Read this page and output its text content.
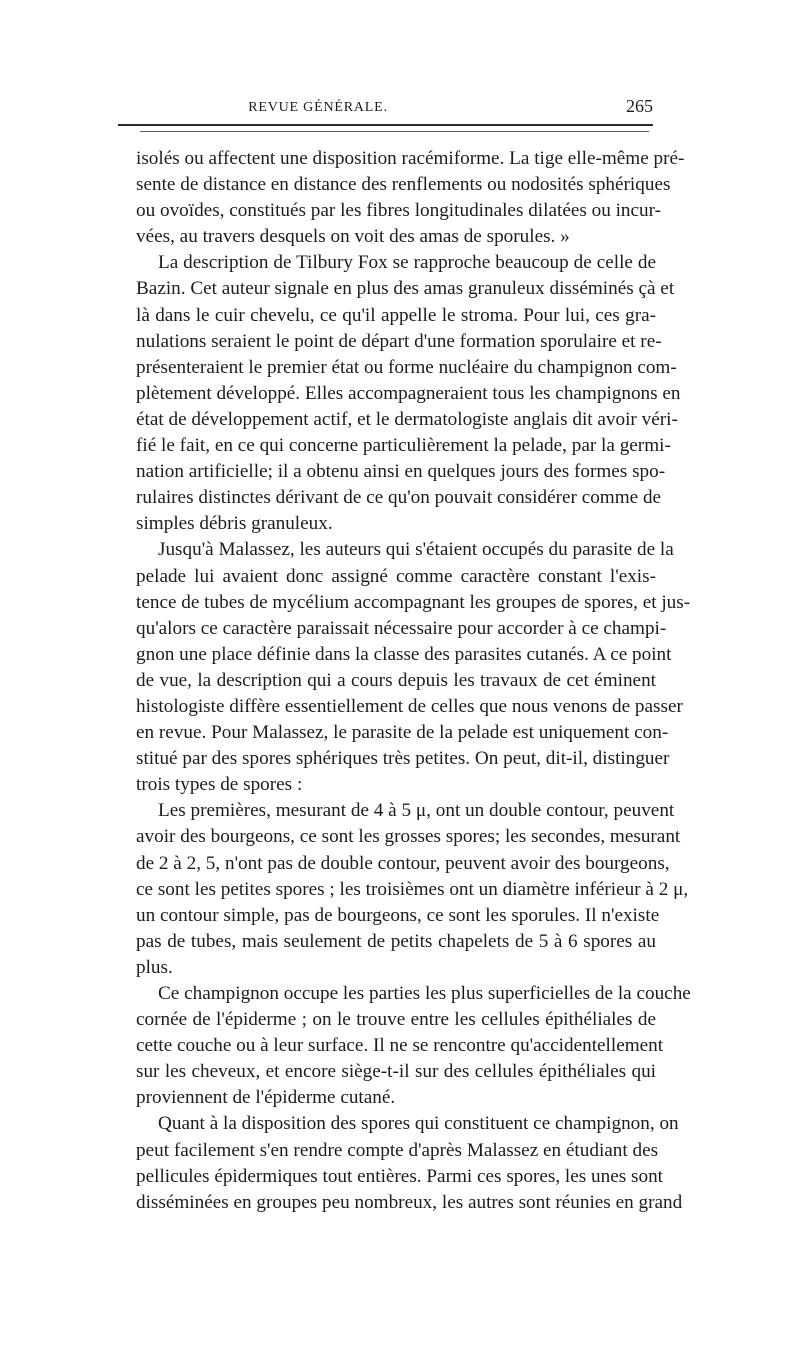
REVUE GÉNÉRALE.	265
isolés ou affectent une disposition racémiforme. La tige elle-même pré-
sente de distance en distance des renflements ou nodosités sphériques
ou ovoïdes, constitués par les fibres longitudinales dilatées ou incur-
vées, au travers desquels on voit des amas de sporules. »
La description de Tilbury Fox se rapproche beaucoup de celle de
Bazin. Cet auteur signale en plus des amas granuleux disséminés çà et
là dans le cuir chevelu, ce qu'il appelle le stroma. Pour lui, ces gra-
nulations seraient le point de départ d'une formation sporulaire et re-
présenteraient le premier état ou forme nucléaire du champignon com-
plètement développé. Elles accompagneraient tous les champignons en
état de développement actif, et le dermatologiste anglais dit avoir véri-
fié le fait, en ce qui concerne particulièrement la pelade, par la germi-
nation artificielle; il a obtenu ainsi en quelques jours des formes spo-
rulaires distinctes dérivant de ce qu'on pouvait considérer comme de
simples débris granuleux.
Jusqu'à Malassez, les auteurs qui s'étaient occupés du parasite de la
pelade lui avaient donc assigné comme caractère constant l'exis-
tence de tubes de mycélium accompagnant les groupes de spores, et jus-
qu'alors ce caractère paraissait nécessaire pour accorder à ce champi-
gnon une place définie dans la classe des parasites cutanés. A ce point
de vue, la description qui a cours depuis les travaux de cet éminent
histologiste diffère essentiellement de celles que nous venons de passer
en revue. Pour Malassez, le parasite de la pelade est uniquement con-
stitué par des spores sphériques très petites. On peut, dit-il, distinguer
trois types de spores :
Les premières, mesurant de 4 à 5 μ, ont un double contour, peuvent
avoir des bourgeons, ce sont les grosses spores; les secondes, mesurant
de 2 à 2, 5, n'ont pas de double contour, peuvent avoir des bourgeons,
ce sont les petites spores ; les troisièmes ont un diamètre inférieur à 2 μ,
un contour simple, pas de bourgeons, ce sont les sporules. Il n'existe
pas de tubes, mais seulement de petits chapelets de 5 à 6 spores au
plus.
Ce champignon occupe les parties les plus superficielles de la couche
cornée de l'épiderme ; on le trouve entre les cellules épithéliales de
cette couche ou à leur surface. Il ne se rencontre qu'accidentellement
sur les cheveux, et encore siège-t-il sur des cellules épithéliales qui
proviennent de l'épiderme cutané.
Quant à la disposition des spores qui constituent ce champignon, on
peut facilement s'en rendre compte d'après Malassez en étudiant des
pellicules épidermiques tout entières. Parmi ces spores, les unes sont
disséminées en groupes peu nombreux, les autres sont réunies en grand
